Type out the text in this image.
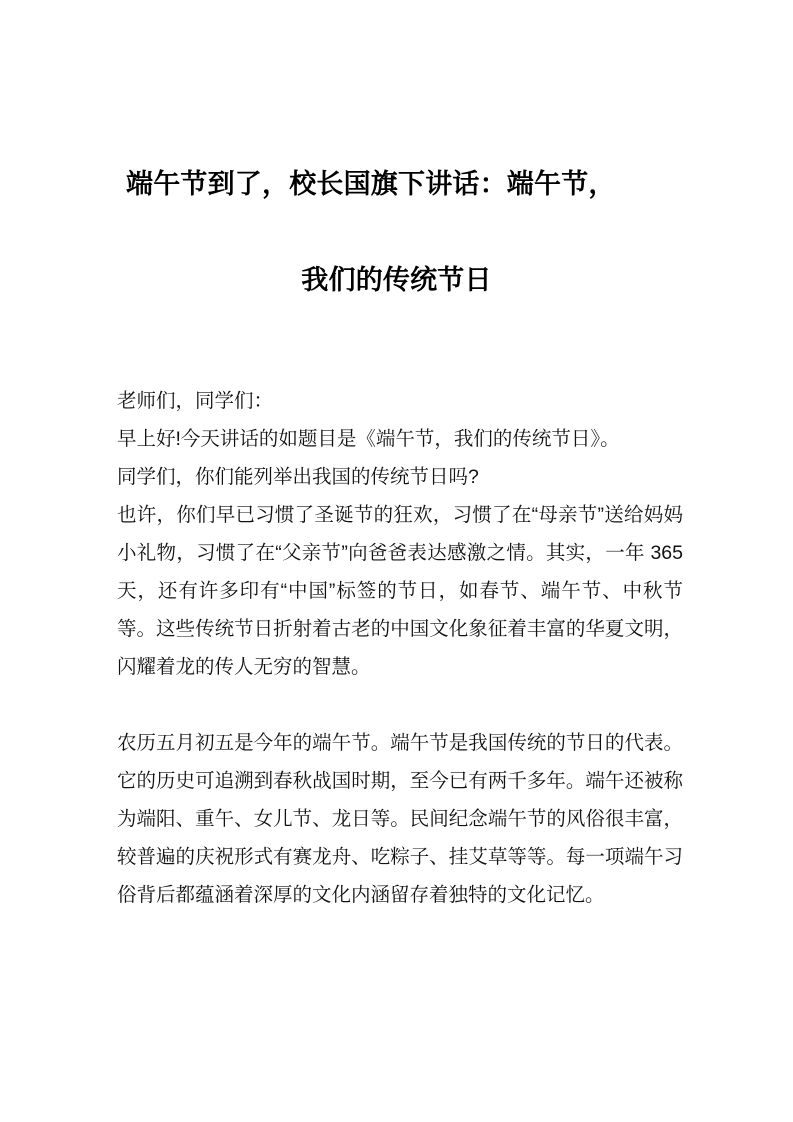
端午节到了，校长国旗下讲话：端午节，
我们的传统节日

老师们，同学们：

早上好!今天讲话的如题目是《端午节，我们的传统节日》。

同学们，你们能列举出我国的传统节日吗?

也许，你们早已习惯了圣诞节的狂欢，习惯了在“母亲节”送给妈妈小礼物，习惯了在“父亲节”向爸爸表达感激之情。其实，一年 365 天，还有许多印有“中国”标签的节日，如春节、端午节、中秋节等。这些传统节日折射着古老的中国文化象征着丰富的华夏文明，闪耀着龙的传人无穷的智慧。

农历五月初五是今年的端午节。端午节是我国传统的节日的代表。它的历史可追溯到春秋战国时期，至今已有两千多年。端午还被称为端阳、重午、女儿节、龙日等。民间纪念端午节的风俗很丰富，较普遍的庆祝形式有赛龙舟、吃粽子、挂艾草等等。每一项端午习俗背后都蕴涵着深厚的文化内涵留存着独特的文化记忆。
